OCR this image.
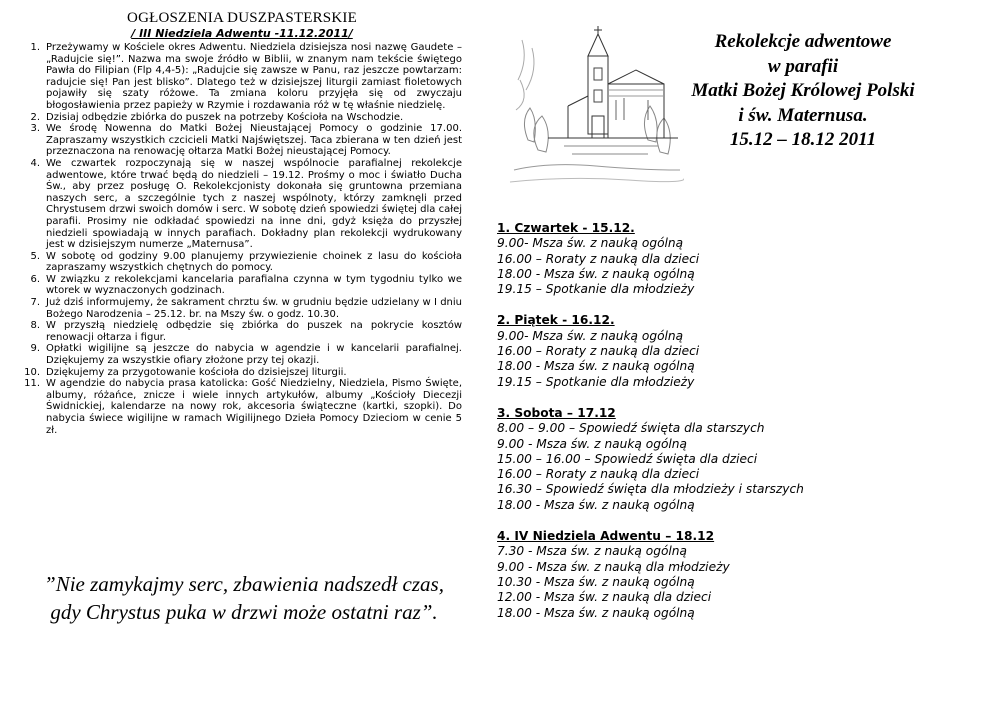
OGŁOSZENIA DUSZPASTERSKIE
/ III Niedziela Adwentu -11.12.2011/
1. Przeżywamy w Kościele okres Adwentu. Niedziela dzisiejsza nosi nazwę Gaudete – „Radujcie się!”. Nazwa ma swoje źródło w Biblii, w znanym nam tekście świętego Pawła do Filipian (Flp 4,4-5): „Radujcie się zawsze w Panu, raz jeszcze powtarzam: radujcie się! Pan jest blisko”. Dlatego też w dzisiejszej liturgii zamiast fioletowych pojawiły się szaty różowe. Ta zmiana koloru przyjęła się od zwyczaju błogosławienia przez papieży w Rzymie i rozdawania róż w tę właśnie niedzielę.
2. Dzisiaj odbędzie zbiórka do puszek na potrzeby Kościoła na Wschodzie.
3. We środę Nowenna do Matki Bożej Nieustającej Pomocy o godzinie 17.00. Zapraszamy wszystkich czcicieli Matki Najświętszej. Taca zbierana w ten dzień jest przeznaczona na renowację ołtarza Matki Bożej nieustającej Pomocy.
4. We czwartek rozpoczynają się w naszej wspólnocie parafialnej rekolekcje adwentowe, które trwać będą do niedzieli – 19.12. Prośmy o moc i światło Ducha Św., aby przez posługę O. Rekolekcjonisty dokonała się gruntowna przemiana naszych serc, a szczególnie tych z naszej wspólnoty, którzy zamknęli przed Chrystusem drzwi swoich domów i serc. W sobotę dzień spowiedzi świętej dla całej parafii. Prosimy nie odkładać spowiedzi na inne dni, gdyż księża do przyszłej niedzieli spowiadają w innych parafiach. Dokładny plan rekolekcji wydrukowany jest w dzisiejszym numerze „Maternusa”.
5. W sobotę od godziny 9.00 planujemy przywiezienie choinek z lasu do kościoła zapraszamy wszystkich chętnych do pomocy.
6. W związku z rekolekcjami kancelaria parafialna czynna w tym tygodniu tylko we wtorek w wyznaczonych godzinach.
7. Już dziś informujemy, że sakrament chrztu św. w grudniu będzie udzielany w I dniu Bożego Narodzenia – 25.12. br. na Mszy św. o godz. 10.30.
8. W przyszłą niedzielę odbędzie się zbiórka do puszek na pokrycie kosztów renowacji ołtarza i figur.
9. Opłatki wigilijne są jeszcze do nabycia w agendzie i w kancelarii parafialnej. Dziękujemy za wszystkie ofiary złożone przy tej okazji.
10. Dziękujemy za przygotowanie kościoła do dzisiejszej liturgii.
11. W agendzie do nabycia prasa katolicka: Gość Niedzielny, Niedziela, Pismo Święte, albumy, różańce, znicze i wiele innych artykułów, albumy „Kościoły Diecezji Świdnickiej, kalendarze na nowy rok, akcesoria świąteczne (kartki, szopki). Do nabycia świece wigilijne w ramach Wigilijnego Dzieła Pomocy Dzieciom w cenie 5 zł.
”Nie zamykajmy serc, zbawienia nadszedł czas,
gdy Chrystus puka w drzwi może ostatni raz”.
Rekolekcje adwentowe
w parafii
Matki Bożej Królowej Polski
i św. Maternusa.
15.12 – 18.12 2011
1. Czwartek - 15.12.
9.00- Msza św. z nauką ogólną
16.00 – Roraty z nauką dla dzieci
18.00 - Msza św. z nauką ogólną
19.15 – Spotkanie dla młodzieży
2. Piątek - 16.12.
9.00- Msza św. z nauką ogólną
16.00 – Roraty z nauką dla dzieci
18.00 - Msza św. z nauką ogólną
19.15 – Spotkanie dla młodzieży
3. Sobota – 17.12
8.00 – 9.00 – Spowiedź święta dla starszych
9.00 - Msza św. z nauką ogólną
15.00 – 16.00 – Spowiedź święta dla dzieci
16.00 – Roraty z nauką dla dzieci
16.30 – Spowiedź święta dla młodzieży i starszych
18.00 - Msza św. z nauką ogólną
4. IV Niedziela Adwentu – 18.12
7.30 - Msza św. z nauką ogólną
9.00 - Msza św. z nauką dla młodzieży
10.30 - Msza św. z nauką ogólną
12.00 - Msza św. z nauką dla dzieci
18.00 - Msza św. z nauką ogólną
